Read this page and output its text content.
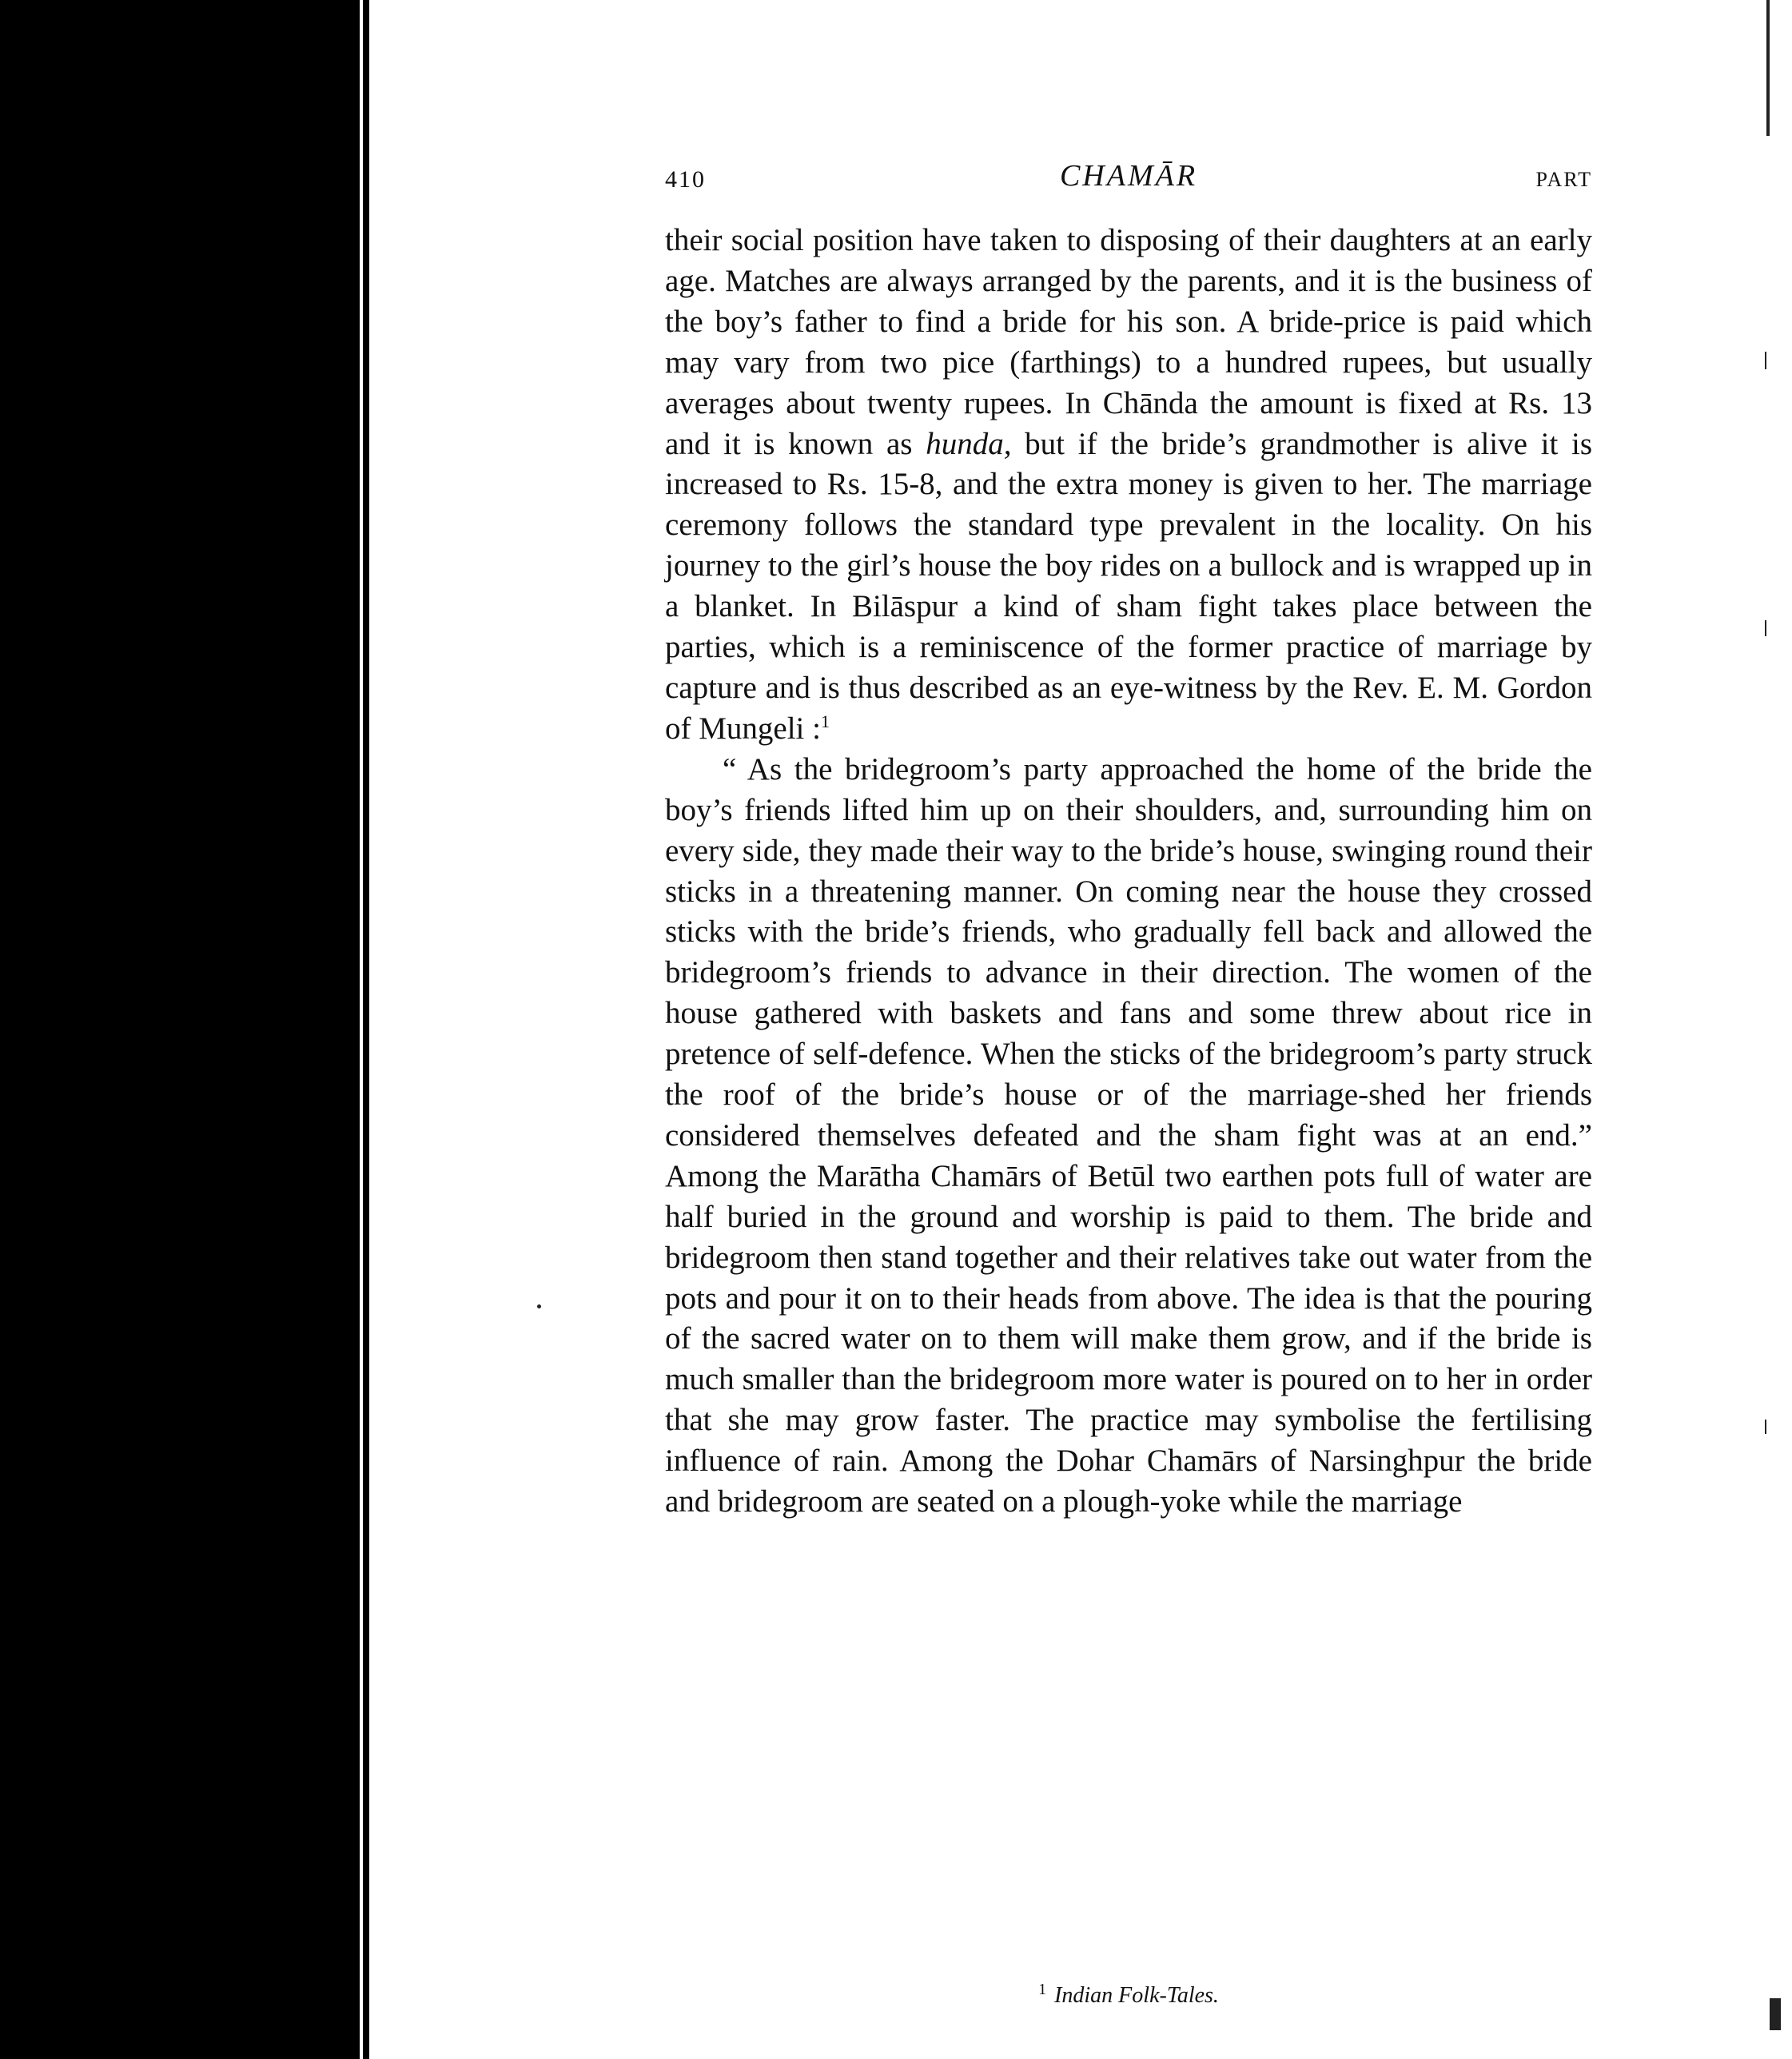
410	CHAMĀR	PART

their social position have taken to disposing of their daughters at an early age. Matches are always arranged by the parents, and it is the business of the boy’s father to find a bride for his son. A bride-price is paid which may vary from two pice (farthings) to a hundred rupees, but usually averages about twenty rupees. In Chānda the amount is fixed at Rs. 13 and it is known as hunda, but if the bride’s grandmother is alive it is increased to Rs. 15-8, and the extra money is given to her. The marriage ceremony follows the standard type prevalent in the locality. On his journey to the girl’s house the boy rides on a bullock and is wrapped up in a blanket. In Bilāspur a kind of sham fight takes place between the parties, which is a reminiscence of the former practice of marriage by capture and is thus described as an eye-witness by the Rev. E. M. Gordon of Mungeli :$^1$

“ As the bridegroom’s party approached the home of the bride the boy’s friends lifted him up on their shoulders, and, surrounding him on every side, they made their way to the bride’s house, swinging round their sticks in a threatening manner. On coming near the house they crossed sticks with the bride’s friends, who gradually fell back and allowed the bridegroom’s friends to advance in their direction. The women of the house gathered with baskets and fans and some threw about rice in pretence of self-defence. When the sticks of the bridegroom’s party struck the roof of the bride’s house or of the marriage-shed her friends considered themselves defeated and the sham fight was at an end.” Among the Marātha Chamārs of Betūl two earthen pots full of water are half buried in the ground and worship is paid to them. The bride and bridegroom then stand together and their relatives take out water from the pots and pour it on to their heads from above. The idea is that the pouring of the sacred water on to them will make them grow, and if the bride is much smaller than the bridegroom more water is poured on to her in order that she may grow faster. The practice may symbolise the fertilising influence of rain. Among the Dohar Chamārs of Narsinghpur the bride and bridegroom are seated on a plough-yoke while the marriage

$^1$ Indian Folk-Tales.
